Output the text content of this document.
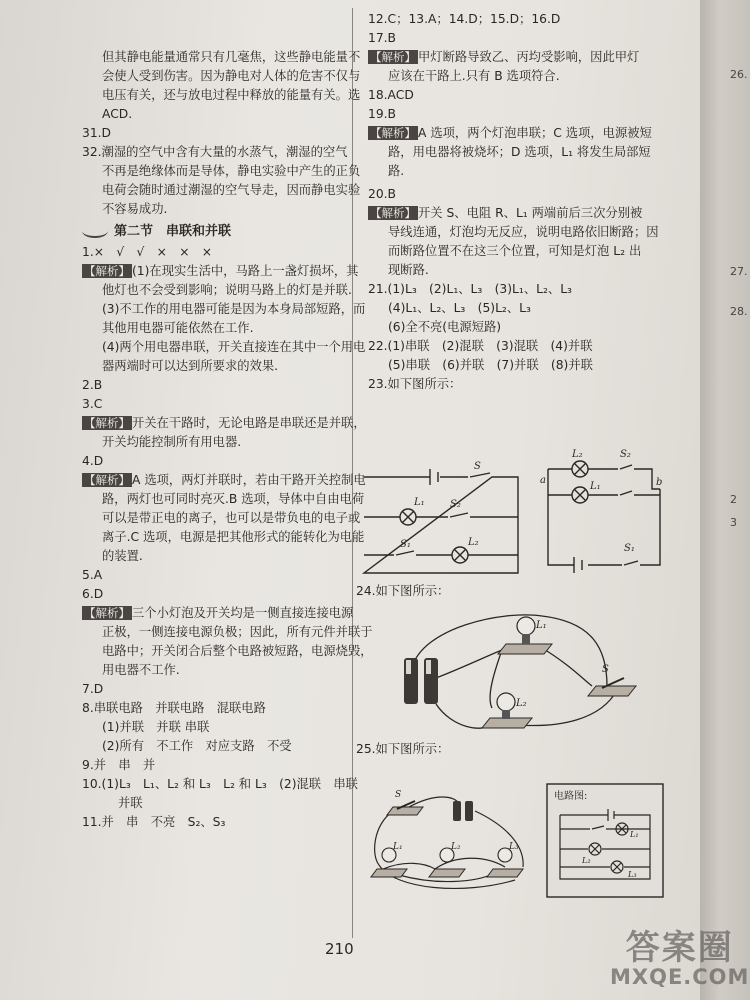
26.
27.
28.
2
3
但其静电能量通常只有几毫焦，这些静电能量不
会使人受到伤害。因为静电对人体的危害不仅与
电压有关，还与放电过程中释放的能量有关。选
ACD.
31.D
32.潮湿的空气中含有大量的水蒸气，潮湿的空气
不再是绝缘体而是导体，静电实验中产生的正负
电荷会随时通过潮湿的空气导走，因而静电实验
不容易成功.
第二节　串联和并联
1.×　√　√　×　×　×
【解析】 (1)在现实生活中，马路上一盏灯损坏，其
他灯也不会受到影响；说明马路上的灯是并联.
(3)不工作的用电器可能是因为本身局部短路，而
其他用电器可能依然在工作.
(4)两个用电器串联，开关直接连在其中一个用电
器两端时可以达到所要求的效果.
2.B
3.C
【解析】 开关在干路时，无论电路是串联还是并联，
开关均能控制所有用电器.
4.D
【解析】 A 选项，两灯并联时，若由干路开关控制电
路，两灯也可同时亮灭.B 选项，导体中自由电荷
可以是带正电的离子，也可以是带负电的电子或
离子.C 选项，电源是把其他形式的能转化为电能
的装置.
5.A
6.D
【解析】 三个小灯泡及开关均是一侧直接连接电源
正极，一侧连接电源负极；因此，所有元件并联于
电路中；开关闭合后整个电路被短路，电源烧毁，
用电器不工作.
7.D
8.串联电路　并联电路　混联电路
(1)并联　并联 串联
(2)所有　不工作　对应支路　不受
9.并　串　并
10.(1)L₃　L₁、L₂ 和 L₃　L₂ 和 L₃　(2)混联　串联
并联
11.并　串　不亮　S₂、S₃
12.C；13.A；14.D；15.D；16.D
17.B
【解析】 甲灯断路导致乙、丙均受影响，因此甲灯
应该在干路上.只有 B 选项符合.
18.ACD
19.B
【解析】 A 选项，两个灯泡串联；C 选项，电源被短
路，用电器将被烧坏；D 选项，L₁ 将发生局部短
路.
20.B
【解析】 开关 S、电阻 R、L₁ 两端前后三次分别被
导线连通，灯泡均无反应，说明电路依旧断路；因
而断路位置不在这三个位置，可知是灯泡 L₂ 出
现断路.
21.(1)L₃　(2)L₁、L₃　(3)L₁、L₂、L₃
(4)L₁、L₂、L₃　(5)L₂、L₃
(6)全不亮(电源短路)
22.(1)串联　(2)混联　(3)混联　(4)并联
(5)串联　(6)并联　(7)并联　(8)并联
23.如下图所示：
24.如下图所示：
25.如下图所示：
S
L₁	S₂
S₁	L₂
L₂	S₂
L₁
a	b
S₁
L₁
L₂
S
S
L₁	L₂	L₃
电路图:
L₁
L₂
L₃
210	答案圈
MXQE.COM
